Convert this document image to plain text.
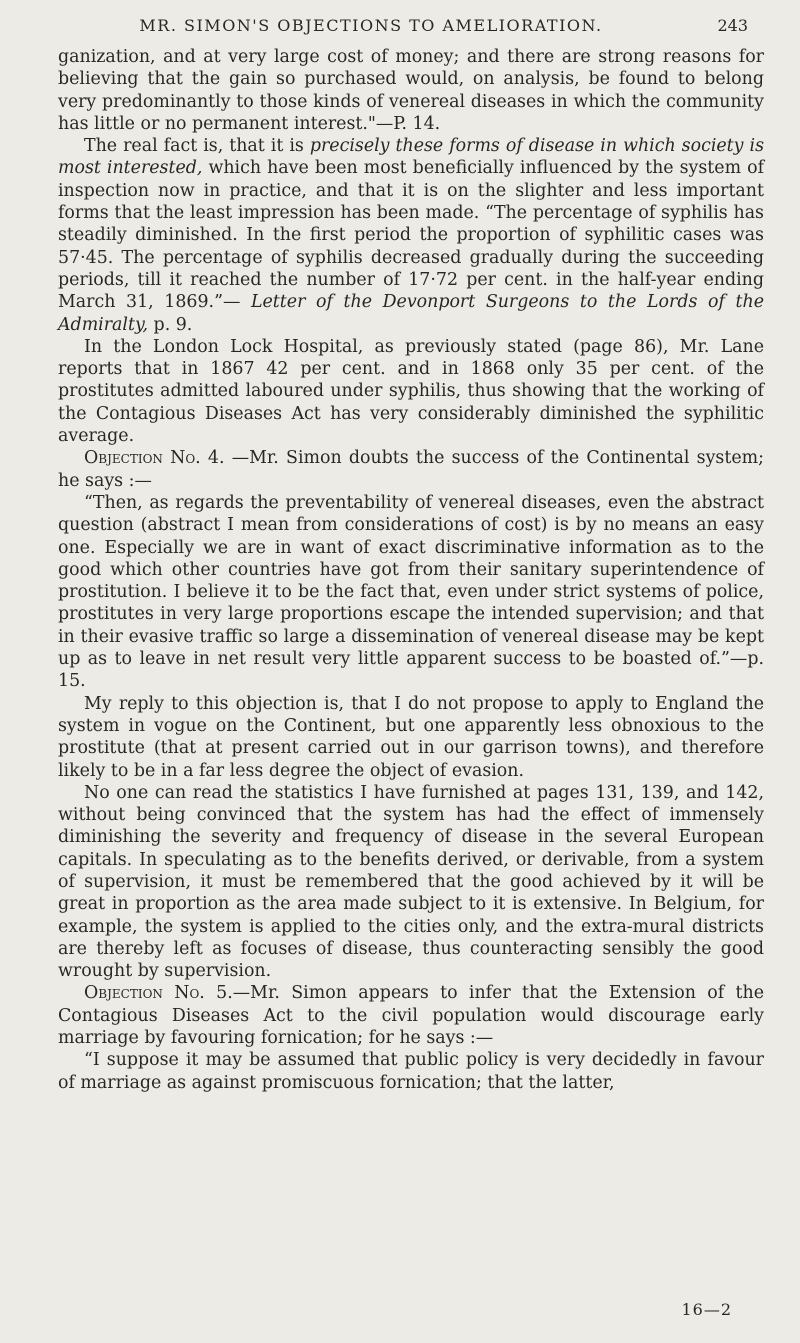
MR. SIMON'S OBJECTIONS TO AMELIORATION.	243

ganization, and at very large cost of money; and there are strong reasons for believing that the gain so purchased would, on analysis, be found to belong very predominantly to those kinds of venereal diseases in which the community has little or no permanent interest."—P. 14.

The real fact is, that it is precisely these forms of disease in which society is most interested, which have been most beneficially influenced by the system of inspection now in practice, and that it is on the slighter and less important forms that the least impression has been made. “The percentage of syphilis has steadily diminished. In the first period the proportion of syphilitic cases was 57·45. The percentage of syphilis decreased gradually during the succeeding periods, till it reached the number of 17·72 per cent. in the half-year ending March 31, 1869.”— Letter of the Devonport Surgeons to the Lords of the Admiralty, p. 9.

In the London Lock Hospital, as previously stated (page 86), Mr. Lane reports that in 1867 42 per cent. and in 1868 only 35 per cent. of the prostitutes admitted laboured under syphilis, thus showing that the working of the Contagious Diseases Act has very considerably diminished the syphilitic average.

Objection No. 4. —Mr. Simon doubts the success of the Continental system; he says :—

“Then, as regards the preventability of venereal diseases, even the abstract question (abstract I mean from considerations of cost) is by no means an easy one. Especially we are in want of exact discriminative information as to the good which other countries have got from their sanitary superintendence of prostitution. I believe it to be the fact that, even under strict systems of police, prostitutes in very large proportions escape the intended supervision; and that in their evasive traffic so large a dissemination of venereal disease may be kept up as to leave in net result very little apparent success to be boasted of.”—p. 15.

My reply to this objection is, that I do not propose to apply to England the system in vogue on the Continent, but one apparently less obnoxious to the prostitute (that at present carried out in our garrison towns), and therefore likely to be in a far less degree the object of evasion.

No one can read the statistics I have furnished at pages 131, 139, and 142, without being convinced that the system has had the effect of immensely diminishing the severity and frequency of disease in the several European capitals. In speculating as to the benefits derived, or derivable, from a system of supervision, it must be remembered that the good achieved by it will be great in proportion as the area made subject to it is extensive. In Belgium, for example, the system is applied to the cities only, and the extra-mural districts are thereby left as focuses of disease, thus counteracting sensibly the good wrought by supervision.

Objection No. 5.—Mr. Simon appears to infer that the Extension of the Contagious Diseases Act to the civil population would discourage early marriage by favouring fornication; for he says :—

“I suppose it may be assumed that public policy is very decidedly in favour of marriage as against promiscuous fornication; that the latter,

16—2
